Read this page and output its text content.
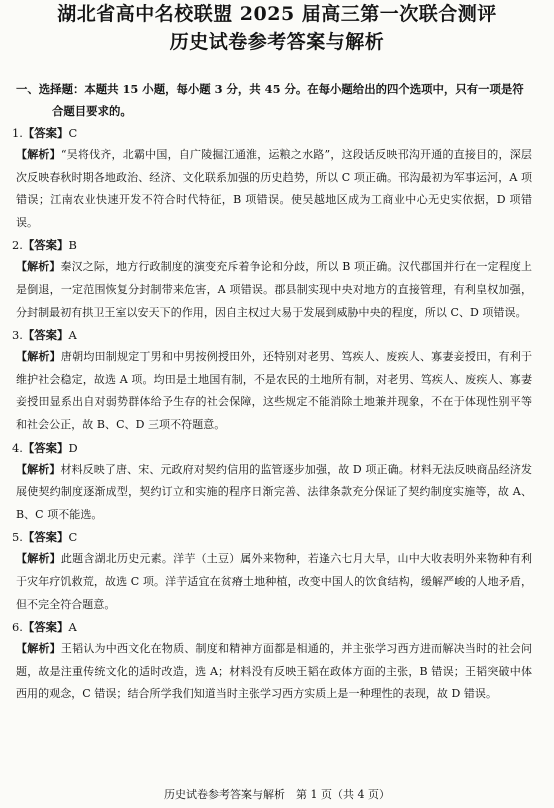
湖北省高中名校联盟 2025 届高三第一次联合测评
历史试卷参考答案与解析
一、选择题：本题共 15 小题，每小题 3 分，共 45 分。在每小题给出的四个选项中，只有一项是符合题目要求的。
1.【答案】C
【解析】“吴将伐齐，北霸中国，自广陵掘江通淮，运粮之水路”，这段话反映邗沟开通的直接目的，深层次反映春秋时期各地政治、经济、文化联系加强的历史趋势，所以 C 项正确。邗沟最初为军事运河，A 项错误；江南农业快速开发不符合时代特征，B 项错误。使吴越地区成为工商业中心无史实依据，D 项错误。
2.【答案】B
【解析】秦汉之际，地方行政制度的演变充斥着争论和分歧，所以 B 项正确。汉代郡国并行在一定程度上是倒退，一定范围恢复分封制带来危害，A 项错误。郡县制实现中央对地方的直接管理，有利皇权加强，分封制最初有拱卫王室以安天下的作用，因自主权过大易于发展到威胁中央的程度，所以 C、D 项错误。
3.【答案】A
【解析】唐朝均田制规定丁男和中男按例授田外，还特别对老男、笃疾人、废疾人、寡妻妾授田，有利于维护社会稳定，故选 A 项。均田是土地国有制，不是农民的土地所有制，对老男、笃疾人、废疾人、寡妻妾授田显系出自对弱势群体给予生存的社会保障，这些规定不能消除土地兼并现象，不在于体现性别平等和社会公正，故 B、C、D 三项不符题意。
4.【答案】D
【解析】材料反映了唐、宋、元政府对契约信用的监管逐步加强，故 D 项正确。材料无法反映商品经济发展使契约制度逐渐成型，契约订立和实施的程序日渐完善、法律条款充分保证了契约制度实施等，故 A、B、C 项不能选。
5.【答案】C
【解析】此题含湖北历史元素。洋芋（土豆）属外来物种，若逢六七月大旱，山中大收表明外来物种有利于灾年疗饥救荒，故选 C 项。洋芋适宜在贫瘠土地种植，改变中国人的饮食结构，缓解严峻的人地矛盾，但不完全符合题意。
6.【答案】A
【解析】王韬认为中西文化在物质、制度和精神方面都是相通的，并主张学习西方进而解决当时的社会问题，故是注重传统文化的适时改造，选 A；材料没有反映王韬在政体方面的主张，B 错误；王韬突破中体西用的观念，C 错误；结合所学我们知道当时主张学习西方实质上是一种理性的表现，故 D 错误。
历史试卷参考答案与解析　第 1 页（共 4 页）
